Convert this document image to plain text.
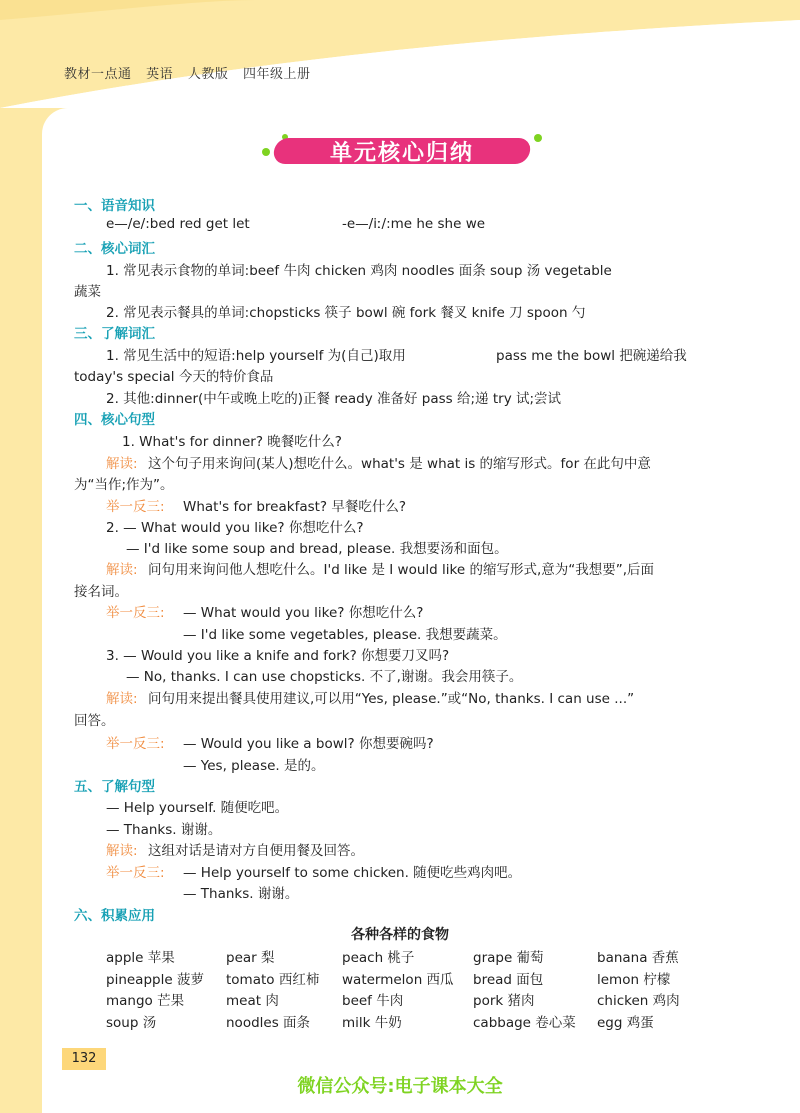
教材一点通 英语 人教版 四年级上册
单元核心归纳
一、语音知识
e—/e/:bed red get let	-e—/iː/:me he she we
二、核心词汇
1. 常见表示食物的单词:beef 牛肉 chicken 鸡肉 noodles 面条 soup 汤 vegetable
蔬菜
2. 常见表示餐具的单词:chopsticks 筷子 bowl 碗 fork 餐叉 knife 刀 spoon 勺
三、了解词汇
1. 常见生活中的短语:help yourself 为(自己)取用	pass me the bowl 把碗递给我
today's special 今天的特价食品
2. 其他:dinner(中午或晚上吃的)正餐 ready 准备好 pass 给;递 try 试;尝试
四、核心句型
1. What's for dinner? 晚餐吃什么?
解读: 这个句子用来询问(某人)想吃什么。what's 是 what is 的缩写形式。for 在此句中意
为“当作;作为”。
举一反三: What's for breakfast? 早餐吃什么?
2. — What would you like? 你想吃什么?
— I'd like some soup and bread, please. 我想要汤和面包。
解读: 问句用来询问他人想吃什么。I'd like 是 I would like 的缩写形式,意为“我想要”,后面
接名词。
举一反三: — What would you like? 你想吃什么?
— I'd like some vegetables, please. 我想要蔬菜。
3. — Would you like a knife and fork? 你想要刀叉吗?
— No, thanks. I can use chopsticks. 不了,谢谢。我会用筷子。
解读: 问句用来提出餐具使用建议,可以用“Yes, please.”或“No, thanks. I can use ...”
回答。
举一反三: — Would you like a bowl? 你想要碗吗?
— Yes, please. 是的。
五、了解句型
— Help yourself. 随便吃吧。
— Thanks. 谢谢。
解读: 这组对话是请对方自便用餐及回答。
举一反三: — Help yourself to some chicken. 随便吃些鸡肉吧。
— Thanks. 谢谢。
六、积累应用
各种各样的食物
apple 苹果	pear 梨	peach 桃子	grape 葡萄	banana 香蕉
pineapple 菠萝 tomato 西红柿 watermelon 西瓜 bread 面包	lemon 柠檬
mango 芒果	meat 肉	beef 牛肉	pork 猪肉	chicken 鸡肉
soup 汤	noodles 面条 milk 牛奶	cabbage 卷心菜 egg 鸡蛋
132
微信公众号:电子课本大全
